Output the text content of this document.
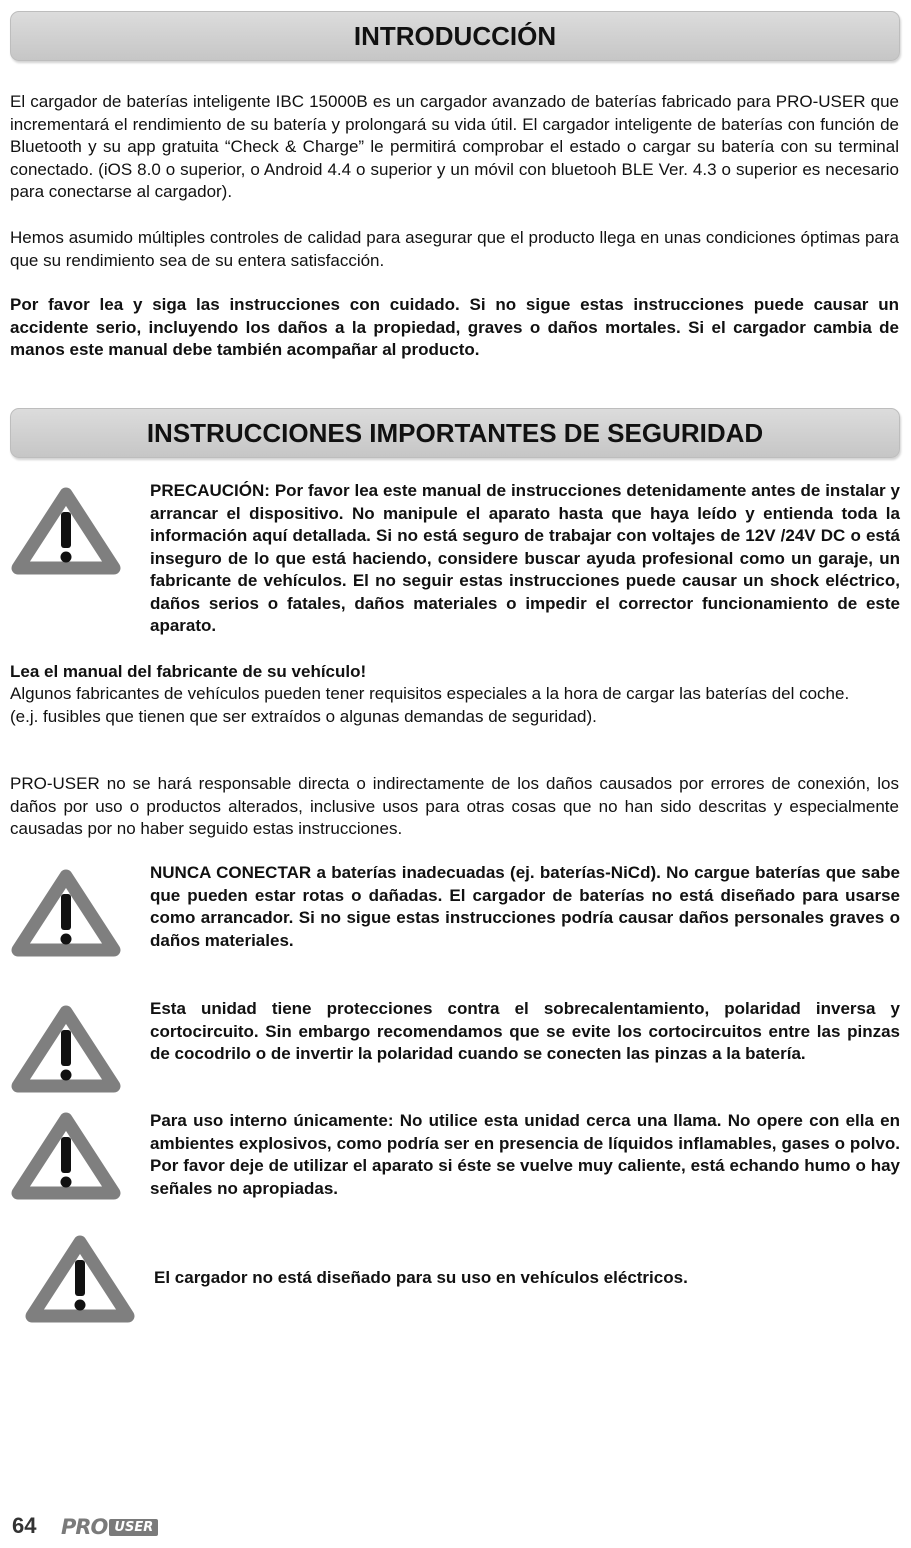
INTRODUCCIÓN

El cargador de baterías inteligente IBC 15000B es un cargador avanzado de baterías fabricado para PRO-USER que incrementará el rendimiento de su batería y prolongará su vida útil. El cargador inteligente de baterías con función de Bluetooth y su app gratuita “Check & Charge” le permitirá comprobar el estado o cargar su batería con su terminal conectado. (iOS 8.0 o superior, o Android 4.4 o superior y un móvil con bluetooh BLE Ver. 4.3 o superior es necesario para conectarse al cargador).

Hemos asumido múltiples controles de calidad para asegurar que el producto llega en unas condiciones óptimas para que su rendimiento sea de su entera satisfacción.

Por favor lea y siga las instrucciones con cuidado. Si no sigue estas instrucciones puede causar un accidente serio, incluyendo los daños a la propiedad, graves o daños mortales. Si el cargador cambia de manos este manual debe también acompañar al producto.

INSTRUCCIONES IMPORTANTES DE SEGURIDAD

PRECAUCIÓN: Por favor lea este manual de instrucciones detenidamente antes de instalar y arrancar el dispositivo. No manipule el aparato hasta que haya leído y entienda toda la información aquí detallada. Si no está seguro de trabajar con voltajes de 12V /24V DC o está inseguro de lo que está haciendo, considere buscar ayuda profesional como un garaje, un fabricante de vehículos. El no seguir estas instrucciones puede causar un shock eléctrico, daños serios o fatales, daños materiales o impedir el corrector funcionamiento de este aparato.

Lea el manual del fabricante de su vehículo!

Algunos fabricantes de vehículos pueden tener requisitos especiales a la hora de cargar las baterías del coche.
(e.j. fusibles que tienen que ser extraídos o algunas demandas de seguridad).

PRO-USER no se hará responsable directa o indirectamente de los daños causados por errores de conexión, los daños por uso o productos alterados, inclusive usos para otras cosas que no han sido descritas y especialmente causadas por no haber seguido estas instrucciones.

NUNCA CONECTAR a baterías inadecuadas (ej. baterías-NiCd). No cargue baterías que sabe que pueden estar rotas o dañadas. El cargador de baterías no está diseñado para usarse como arrancador. Si no sigue estas instrucciones podría causar daños personales graves o daños materiales.

Esta unidad tiene protecciones contra el sobrecalentamiento, polaridad inversa y cortocircuito. Sin embargo recomendamos que se evite los cortocircuitos entre las pinzas de cocodrilo o de invertir la polaridad cuando se conecten las pinzas a la batería.

Para uso interno únicamente: No utilice esta unidad cerca una llama. No opere con ella en ambientes explosivos, como podría ser en presencia de líquidos inflamables, gases o polvo. Por favor deje de utilizar el aparato si éste se vuelve muy caliente, está echando humo o hay señales no apropiadas.

El cargador no está diseñado para su uso en vehículos eléctricos.

64 PRO USER
